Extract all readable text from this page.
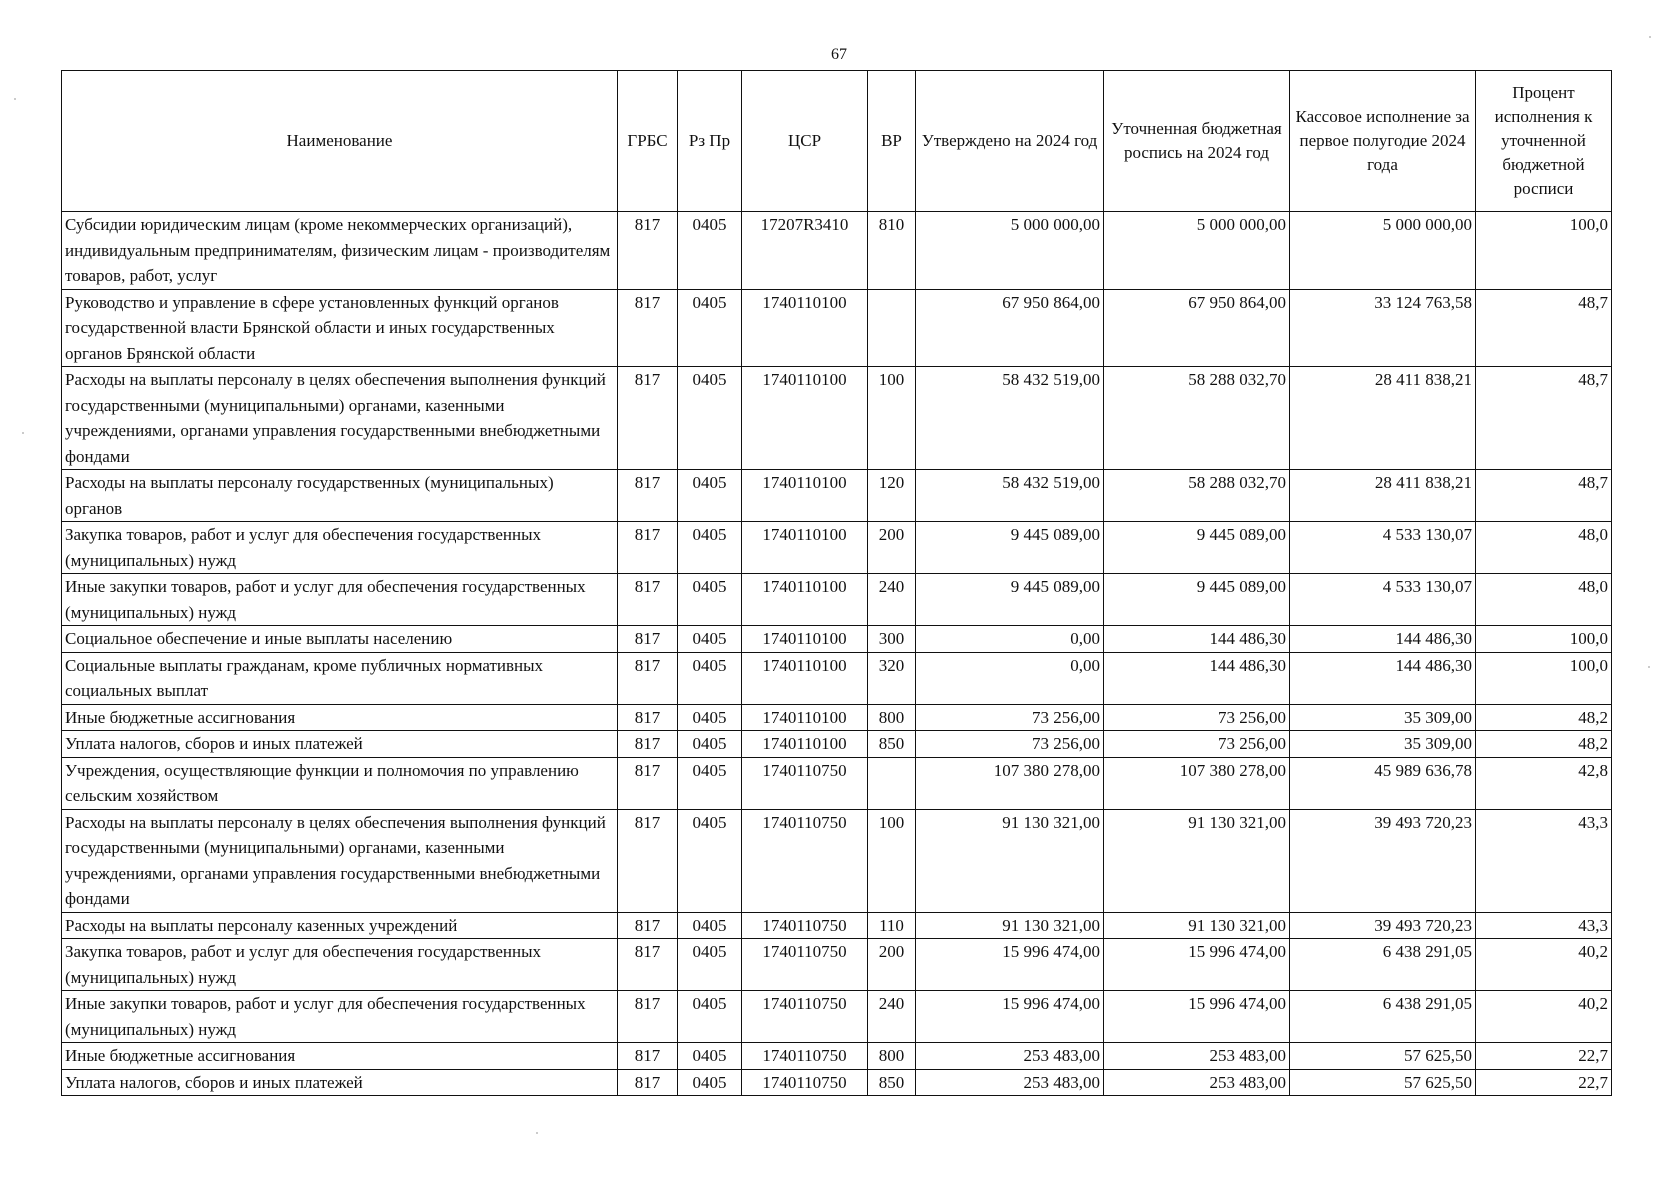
67
Наименование	ГРБС	Рз Пр	ЦСР	ВР	Утверждено на 2024 год	Уточненная бюджетная роспись на 2024 год	Кассовое исполнение за первое полугодие 2024 года	Процент исполнения к уточненной бюджетной росписи
Субсидии юридическим лицам (кроме некоммерческих организаций), индивидуальным предпринимателям, физическим лицам - производителям товаров, работ, услуг	817	0405	17207R3410	810	5 000 000,00	5 000 000,00	5 000 000,00	100,0
Руководство и управление в сфере установленных функций органов государственной власти Брянской области и иных государственных органов Брянской области	817	0405	1740110100		67 950 864,00	67 950 864,00	33 124 763,58	48,7
Расходы на выплаты персоналу в целях обеспечения выполнения функций государственными (муниципальными) органами, казенными учреждениями, органами управления государственными внебюджетными фондами	817	0405	1740110100	100	58 432 519,00	58 288 032,70	28 411 838,21	48,7
Расходы на выплаты персоналу государственных (муниципальных) органов	817	0405	1740110100	120	58 432 519,00	58 288 032,70	28 411 838,21	48,7
Закупка товаров, работ и услуг для обеспечения государственных (муниципальных) нужд	817	0405	1740110100	200	9 445 089,00	9 445 089,00	4 533 130,07	48,0
Иные закупки товаров, работ и услуг для обеспечения государственных (муниципальных) нужд	817	0405	1740110100	240	9 445 089,00	9 445 089,00	4 533 130,07	48,0
Социальное обеспечение и иные выплаты населению	817	0405	1740110100	300	0,00	144 486,30	144 486,30	100,0
Социальные выплаты гражданам, кроме публичных нормативных социальных выплат	817	0405	1740110100	320	0,00	144 486,30	144 486,30	100,0
Иные бюджетные ассигнования	817	0405	1740110100	800	73 256,00	73 256,00	35 309,00	48,2
Уплата налогов, сборов и иных платежей	817	0405	1740110100	850	73 256,00	73 256,00	35 309,00	48,2
Учреждения, осуществляющие функции и полномочия по управлению сельским хозяйством	817	0405	1740110750		107 380 278,00	107 380 278,00	45 989 636,78	42,8
Расходы на выплаты персоналу в целях обеспечения выполнения функций государственными (муниципальными) органами, казенными учреждениями, органами управления государственными внебюджетными фондами	817	0405	1740110750	100	91 130 321,00	91 130 321,00	39 493 720,23	43,3
Расходы на выплаты персоналу казенных учреждений	817	0405	1740110750	110	91 130 321,00	91 130 321,00	39 493 720,23	43,3
Закупка товаров, работ и услуг для обеспечения государственных (муниципальных) нужд	817	0405	1740110750	200	15 996 474,00	15 996 474,00	6 438 291,05	40,2
Иные закупки товаров, работ и услуг для обеспечения государственных (муниципальных) нужд	817	0405	1740110750	240	15 996 474,00	15 996 474,00	6 438 291,05	40,2
Иные бюджетные ассигнования	817	0405	1740110750	800	253 483,00	253 483,00	57 625,50	22,7
Уплата налогов, сборов и иных платежей	817	0405	1740110750	850	253 483,00	253 483,00	57 625,50	22,7
